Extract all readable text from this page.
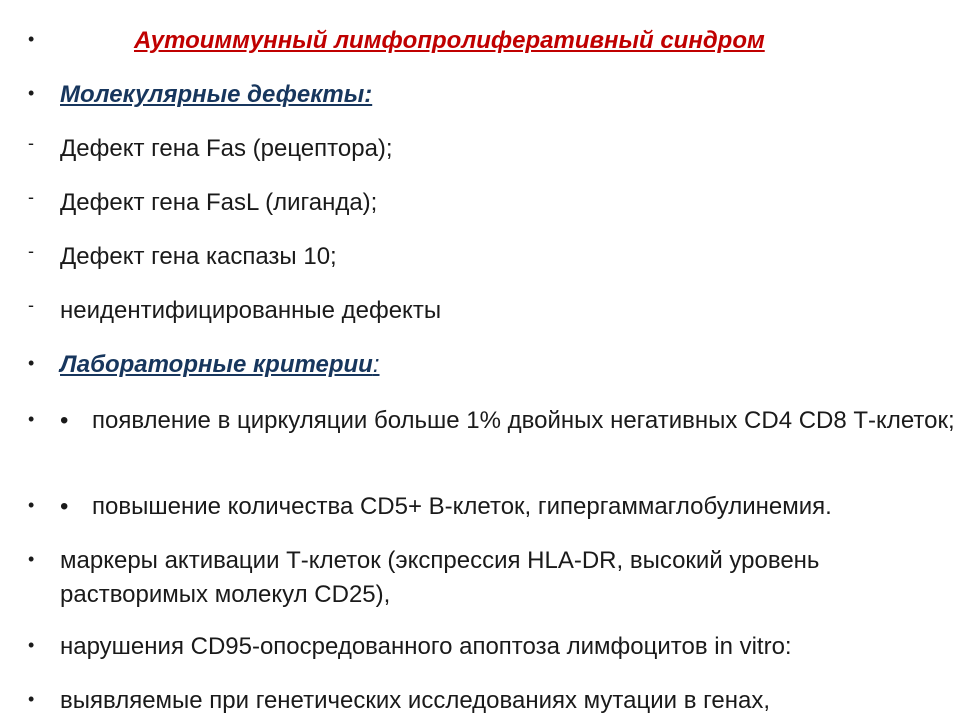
•	Аутоиммунный лимфопролиферативный синдром
•	Молекулярные дефекты:
-	Дефект гена Fas (рецептора);
-	Дефект гена FasL (лиганда);
-	Дефект гена каспазы 10;
-	неидентифицированные дефекты
•	Лабораторные критерии:
•	• появление в циркуляции больше 1% двойных негативных CD4 CD8 Т-клеток;
•	• повышение количества CD5+ В-клеток, гипергаммаглобулинемия.
•	маркеры активации Т-клеток (экспрессия HLA-DR, высокий уровень растворимых молекул CD25),
•	нарушения CD95-опосредованного апоптоза лимфоцитов in vitro:
•	выявляемые при генетических исследованиях мутации в генах,
